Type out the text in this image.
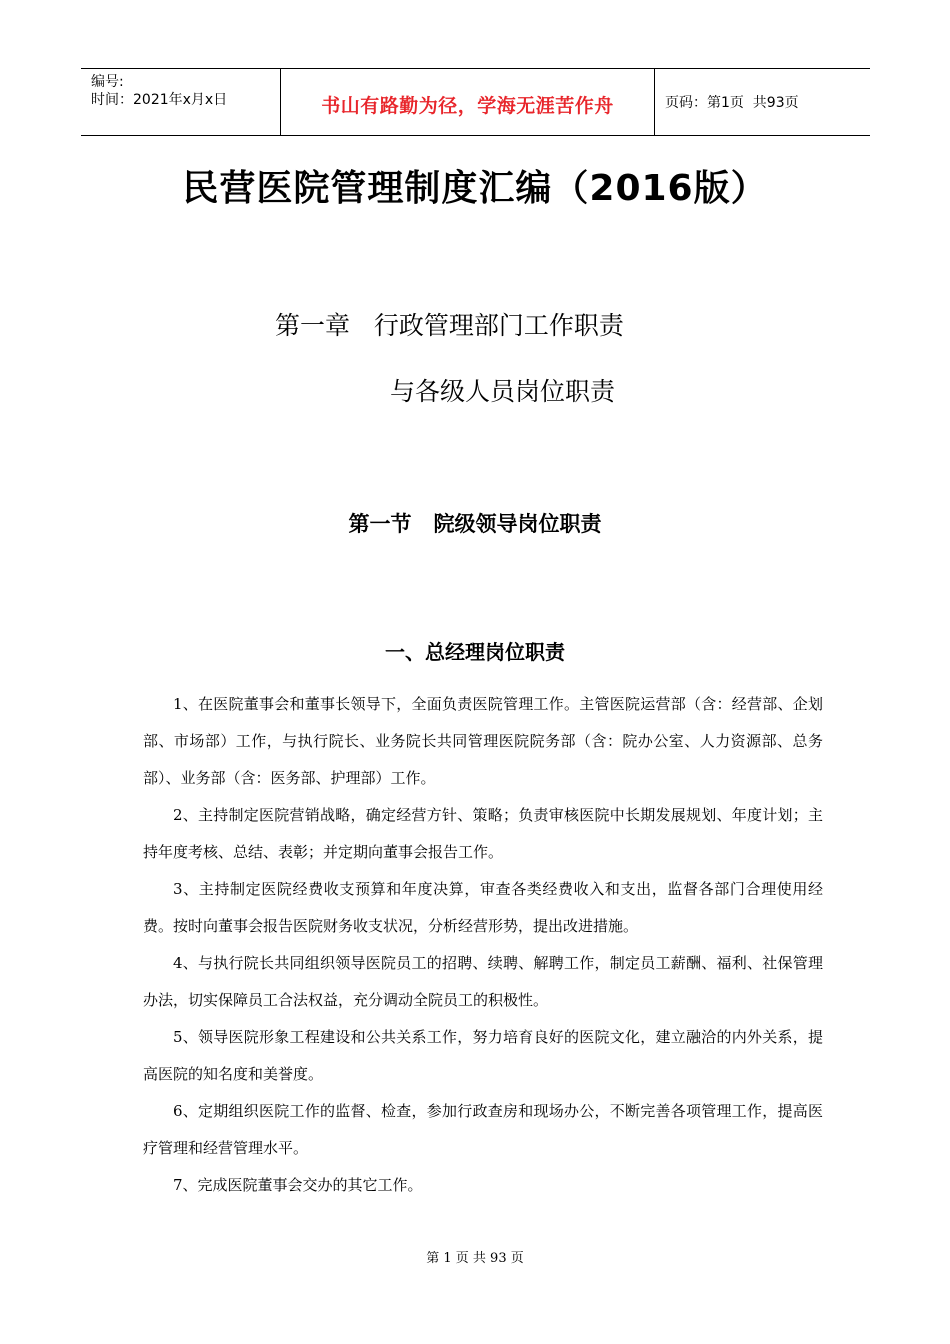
编号:
时间：2021年x月x日	书山有路勤为径，学海无涯苦作舟	页码：第1页  共93页
民营医院管理制度汇编（2016版）
第一章   行政管理部门工作职责
与各级人员岗位职责
第一节   院级领导岗位职责
一、总经理岗位职责

1、在医院董事会和董事长领导下，全面负责医院管理工作。主管医院运营部（含：经营部、企划部、市场部）工作，与执行院长、业务院长共同管理医院院务部（含：院办公室、人力资源部、总务部）、业务部（含：医务部、护理部）工作。

2、主持制定医院营销战略，确定经营方针、策略；负责审核医院中长期发展规划、年度计划；主持年度考核、总结、表彰；并定期向董事会报告工作。

3、主持制定医院经费收支预算和年度决算，审查各类经费收入和支出，监督各部门合理使用经费。按时向董事会报告医院财务收支状况，分析经营形势，提出改进措施。

4、与执行院长共同组织领导医院员工的招聘、续聘、解聘工作，制定员工薪酬、福利、社保管理办法，切实保障员工合法权益，充分调动全院员工的积极性。

5、领导医院形象工程建设和公共关系工作，努力培育良好的医院文化，建立融洽的内外关系，提高医院的知名度和美誉度。

6、定期组织医院工作的监督、检查，参加行政查房和现场办公，不断完善各项管理工作，提高医疗管理和经营管理水平。

7、完成医院董事会交办的其它工作。

第 1 页 共 93 页
